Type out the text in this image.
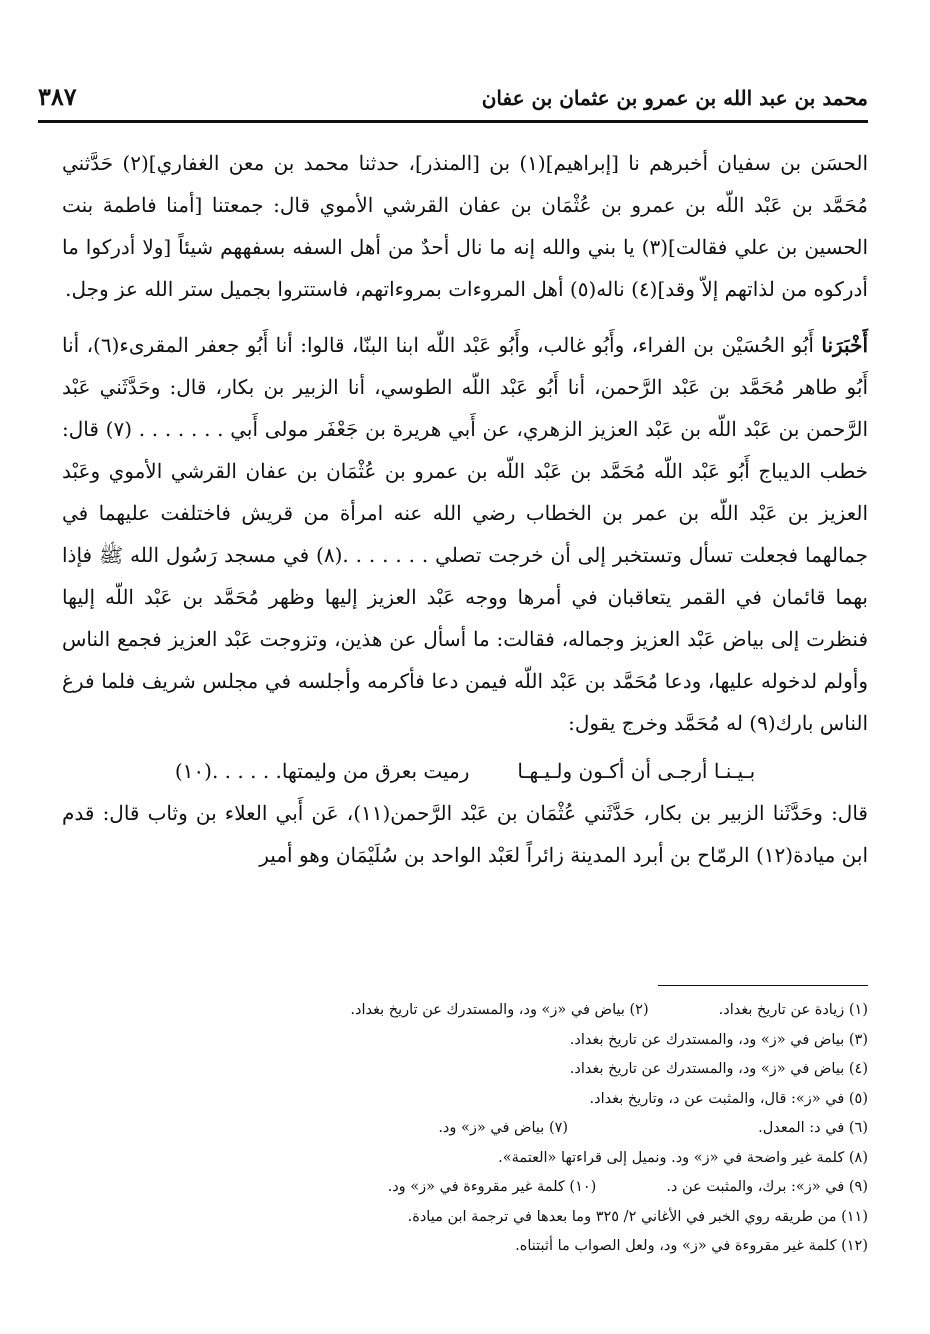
محمد بن عبد الله بن عمرو بن عثمان بن عفان
٣٨٧

الحسَن بن سفيان أخبرهم نا [إبراهيم](١) بن [المنذر]، حدثنا محمد بن معن الغفاري](٢) حَدَّثني مُحَمَّد بن عَبْد اللّه بن عمرو بن عُثْمَان بن عفان القرشي الأموي قال: جمعتنا [أمنا فاطمة بنت الحسين بن علي فقالت](٣) يا بني والله إنه ما نال أحدٌ من أهل السفه بسفههم شيئاً [ولا أدركوا ما أدركوه من لذاتهم إلاّ وقد](٤) ناله(٥) أهل المروءات بمروءاتهم، فاستتروا بجميل ستر الله عز وجل.

أَخْبَرَنا أَبُو الحُسَيْن بن الفراء، وأَبُو غالب، وأَبُو عَبْد اللّه ابنا البنّا، قالوا: أنا أَبُو جعفر المقرىء(٦)، أنا أَبُو طاهر مُحَمَّد بن عَبْد الرَّحمن، أنا أَبُو عَبْد اللّه الطوسي، أنا الزبير بن بكار، قال: وحَدَّثَني عَبْد الرَّحمن بن عَبْد اللّه بن عَبْد العزيز الزهري، عن أَبي هريرة بن جَعْفَر مولى أَبي . . . . . . . (٧) قال: خطب الديباج أَبُو عَبْد اللّه مُحَمَّد بن عَبْد اللّه بن عمرو بن عُثْمَان بن عفان القرشي الأموي وعَبْد العزيز بن عَبْد اللّه بن عمر بن الخطاب رضي الله عنه امرأة من قريش فاختلفت عليهما في جمالهما فجعلت تسأل وتستخبر إلى أن خرجت تصلي . . . . . . .(٨) في مسجد رَسُول الله ﷺ فإذا بهما قائمان في القمر يتعاقبان في أمرها ووجه عَبْد العزيز إليها وظهر مُحَمَّد بن عَبْد اللّه إليها فنظرت إلى بياض عَبْد العزيز وجماله، فقالت: ما أسأل عن هذين، وتزوجت عَبْد العزيز فجمع الناس وأولم لدخوله عليها، ودعا مُحَمَّد بن عَبْد اللّه فيمن دعا فأكرمه وأجلسه في مجلس شريف فلما فرغ الناس بارك(٩) له مُحَمَّد وخرج يقول:

بـيـنـا أرجـى أن أكـون ولـيـهـا
رميت بعرق من وليمتها. . . . . .(١٠)

قال: وحَدَّثَنا الزبير بن بكار، حَدَّثَني عُثْمَان بن عَبْد الرَّحمن(١١)، عَن أَبي العلاء بن وثاب قال: قدم ابن ميادة(١٢) الرمّاح بن أبرد المدينة زائراً لعَبْد الواحد بن سُلَيْمَان وهو أمير

(١) زيادة عن تاريخ بغداد.
(٢) بياض في «ز» ود، والمستدرك عن تاريخ بغداد.
(٣) بياض في «ز» ود، والمستدرك عن تاريخ بغداد.
(٤) بياض في «ز» ود، والمستدرك عن تاريخ بغداد.
(٥) في «ز»: قال، والمثبت عن د، وتاريخ بغداد.
(٦) في د: المعدل.
(٧) بياض في «ز» ود.
(٨) كلمة غير واضحة في «ز» ود. ونميل إلى قراءتها «العتمة».
(٩) في «ز»: برك، والمثبت عن د.
(١٠) كلمة غير مقروءة في «ز» ود.
(١١) من طريقه روي الخبر في الأغاني ٢/ ٣٢٥ وما بعدها في ترجمة ابن ميادة.
(١٢) كلمة غير مقروءة في «ز» ود، ولعل الصواب ما أثبتناه.
